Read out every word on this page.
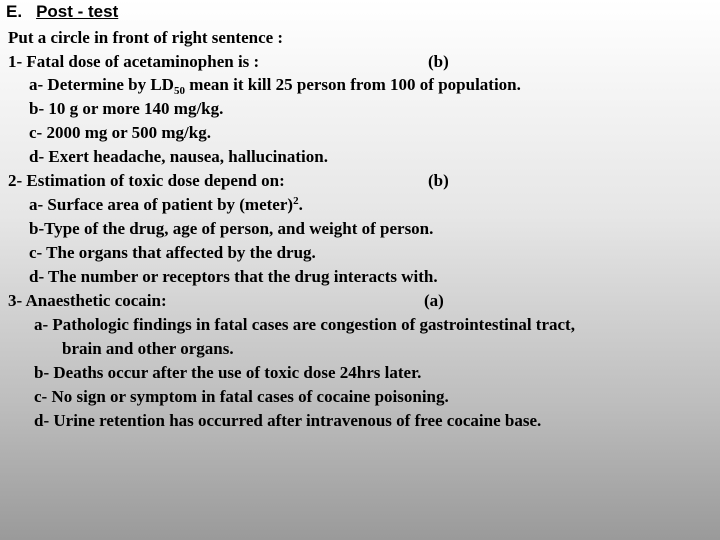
E. Post - test
Put a circle in front of right sentence :
1- Fatal dose of acetaminophen is :	(b)
a- Determine by $LD_{50}$ mean it kill 25 person from 100 of population.
b- 10 g or more 140 mg/kg.
c- 2000 mg or 500 mg/kg.
d- Exert headache, nausea, hallucination.
2- Estimation of toxic dose depend on:	(b)
a- Surface area of patient by (meter)$^2$.
b-Type of the drug, age of person, and weight of person.
c- The organs that affected by the drug.
d- The number or receptors that the drug interacts with.
3- Anaesthetic cocain:	(a)
a- Pathologic findings in fatal cases are congestion of gastrointestinal tract,
brain and other organs.
b- Deaths occur after the use of toxic dose 24hrs later.
c- No sign or symptom in fatal cases of cocaine poisoning.
d- Urine retention has occurred after intravenous of free cocaine base.
